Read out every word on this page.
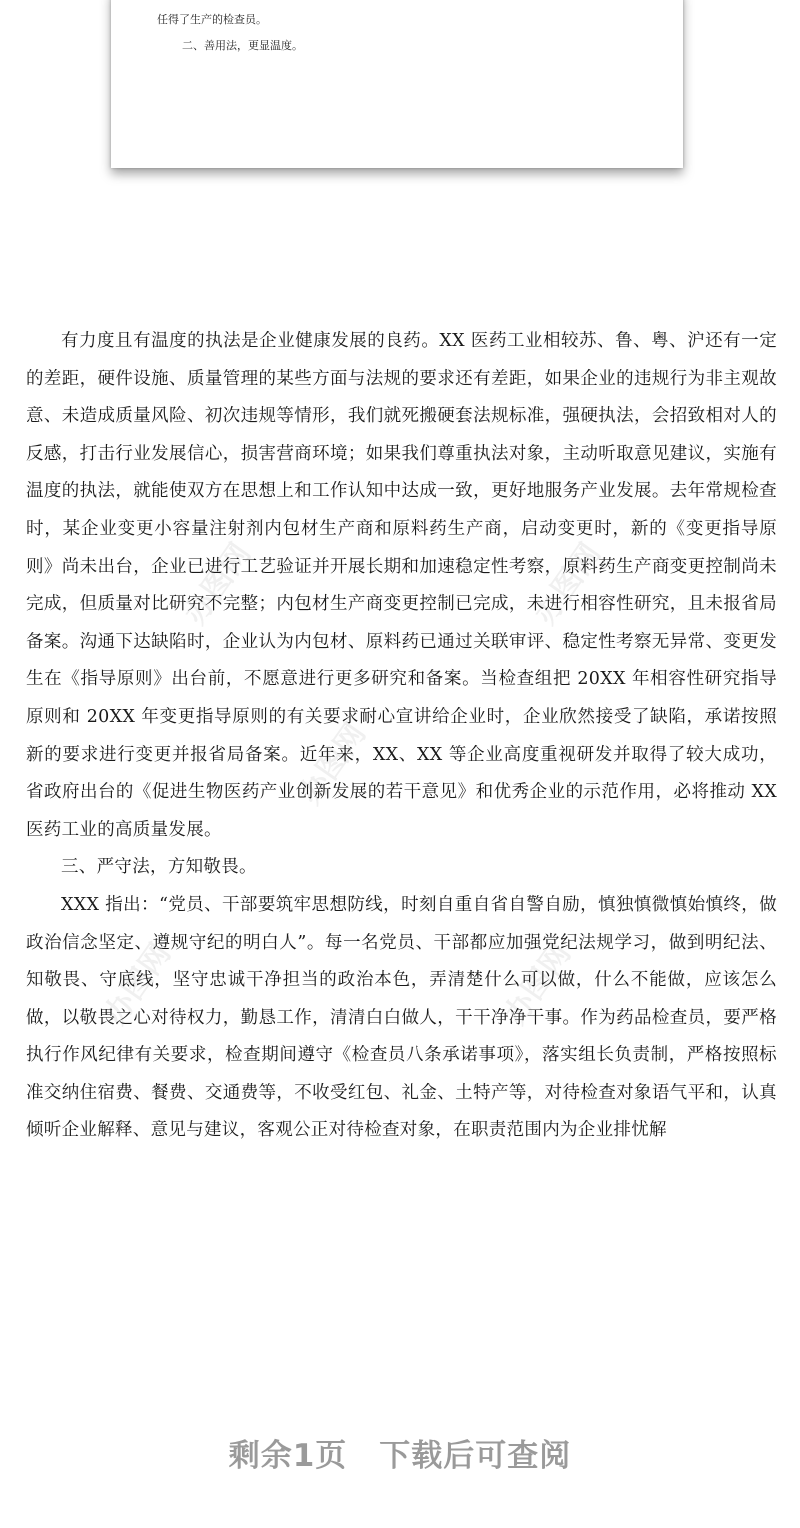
任得了生产的检查员。
二、善用法，更显温度。
办图网	办图网
办图网
办图网	办图网

有力度且有温度的执法是企业健康发展的良药。XX 医药工业相较苏、鲁、粤、沪还有一定的差距，硬件设施、质量管理的某些方面与法规的要求还有差距，如果企业的违规行为非主观故意、未造成质量风险、初次违规等情形，我们就死搬硬套法规标准，强硬执法，会招致相对人的反感，打击行业发展信心，损害营商环境；如果我们尊重执法对象，主动听取意见建议，实施有温度的执法，就能使双方在思想上和工作认知中达成一致，更好地服务产业发展。去年常规检查时，某企业变更小容量注射剂内包材生产商和原料药生产商，启动变更时，新的《变更指导原则》尚未出台，企业已进行工艺验证并开展长期和加速稳定性考察，原料药生产商变更控制尚未完成，但质量对比研究不完整；内包材生产商变更控制已完成，未进行相容性研究，且未报省局备案。沟通下达缺陷时，企业认为内包材、原料药已通过关联审评、稳定性考察无异常、变更发生在《指导原则》出台前，不愿意进行更多研究和备案。当检查组把 20XX 年相容性研究指导原则和 20XX 年变更指导原则的有关要求耐心宣讲给企业时，企业欣然接受了缺陷，承诺按照新的要求进行变更并报省局备案。近年来，XX、XX 等企业高度重视研发并取得了较大成功，省政府出台的《促进生物医药产业创新发展的若干意见》和优秀企业的示范作用，必将推动 XX 医药工业的高质量发展。

三、严守法，方知敬畏。

XXX 指出：“党员、干部要筑牢思想防线，时刻自重自省自警自励，慎独慎微慎始慎终，做政治信念坚定、遵规守纪的明白人”。每一名党员、干部都应加强党纪法规学习，做到明纪法、知敬畏、守底线，坚守忠诚干净担当的政治本色，弄清楚什么可以做，什么不能做，应该怎么做，以敬畏之心对待权力，勤恳工作，清清白白做人，干干净净干事。作为药品检查员，要严格执行作风纪律有关要求，检查期间遵守《检查员八条承诺事项》，落实组长负责制，严格按照标准交纳住宿费、餐费、交通费等，不收受红包、礼金、土特产等，对待检查对象语气平和，认真倾听企业解释、意见与建议，客观公正对待检查对象，在职责范围内为企业排忧解

剩余1页 下载后可查阅
